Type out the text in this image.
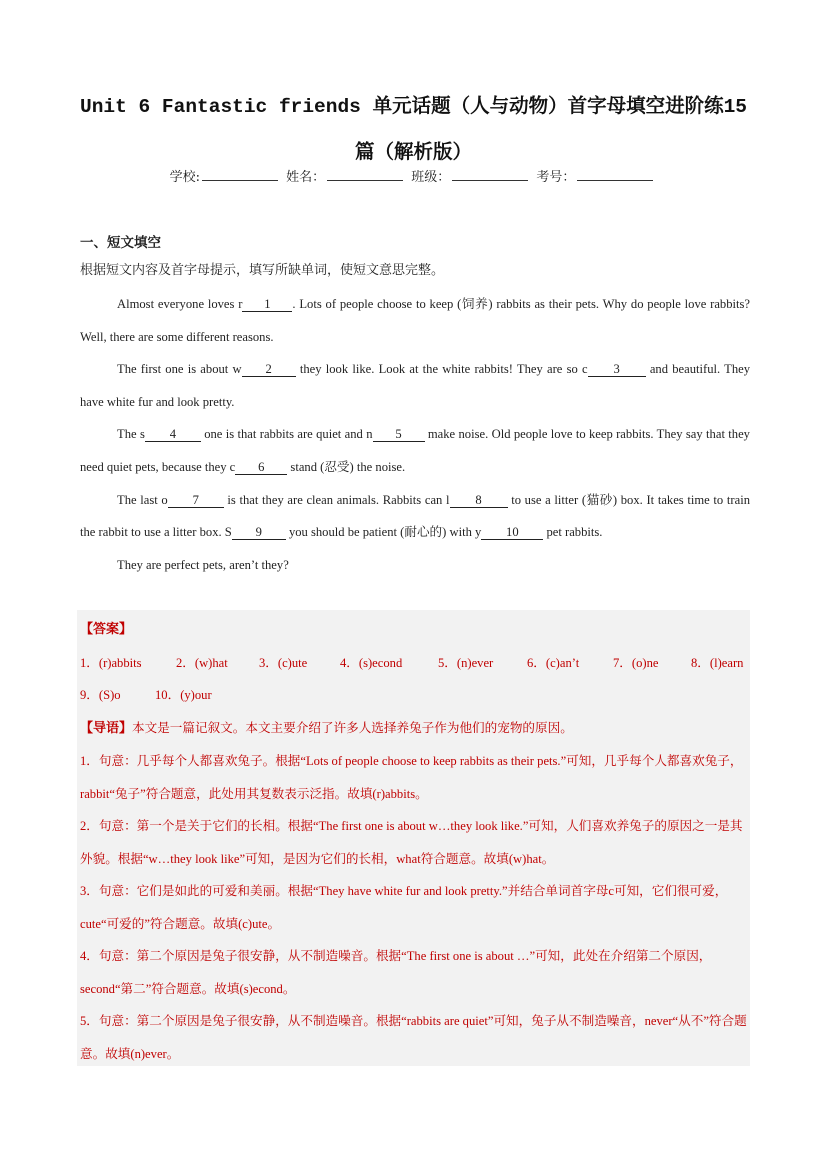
Unit 6 Fantastic friends 单元话题（人与动物）首字母填空进阶练15
篇（解析版）
学校:	姓名：	班级：	考号：
一、短文填空
根据短文内容及首字母提示，填写所缺单词，使短文意思完整。

Almost everyone loves r 1 . Lots of people choose to keep (饲养) rabbits as their pets. Why do people love rabbits? Well, there are some different reasons.

The first one is about w 2 they look like. Look at the white rabbits! They are so c 3 and beautiful. They have white fur and look pretty.

The s 4 one is that rabbits are quiet and n 5 make noise. Old people love to keep rabbits. They say that they need quiet pets, because they c 6 stand (忍受) the noise.

The last o 7 is that they are clean animals. Rabbits can l 8 to use a litter (猫砂) box. It takes time to train the rabbit to use a litter box. S 9 you should be patient (耐心的) with y 10 pet rabbits.

They are perfect pets, aren’t they?

【答案】
1．(r)abbits	2．(w)hat 3．(c)ute	4．(s)econd	5．(n)ever	6．(c)an’t	7．(o)ne	8．(l)earn
9．(S)o	10．(y)our
【导语】本文是一篇记叙文。本文主要介绍了许多人选择养兔子作为他们的宠物的原因。
1．句意：几乎每个人都喜欢兔子。根据“Lots of people choose to keep rabbits as their pets.”可知，几乎每个人都喜欢兔子，rabbit“兔子”符合题意，此处用其复数表示泛指。故填(r)abbits。
2．句意：第一个是关于它们的长相。根据“The first one is about w…they look like.”可知，人们喜欢养兔子的原因之一是其外貌。根据“w…they look like”可知，是因为它们的长相，what符合题意。故填(w)hat。
3．句意：它们是如此的可爱和美丽。根据“They have white fur and look pretty.”并结合单词首字母c可知，它们很可爱，cute“可爱的”符合题意。故填(c)ute。
4．句意：第二个原因是兔子很安静，从不制造噪音。根据“The first one is about …”可知，此处在介绍第二个原因，second“第二”符合题意。故填(s)econd。
5．句意：第二个原因是兔子很安静，从不制造噪音。根据“rabbits are quiet”可知，兔子从不制造噪音，never“从不”符合题意。故填(n)ever。
